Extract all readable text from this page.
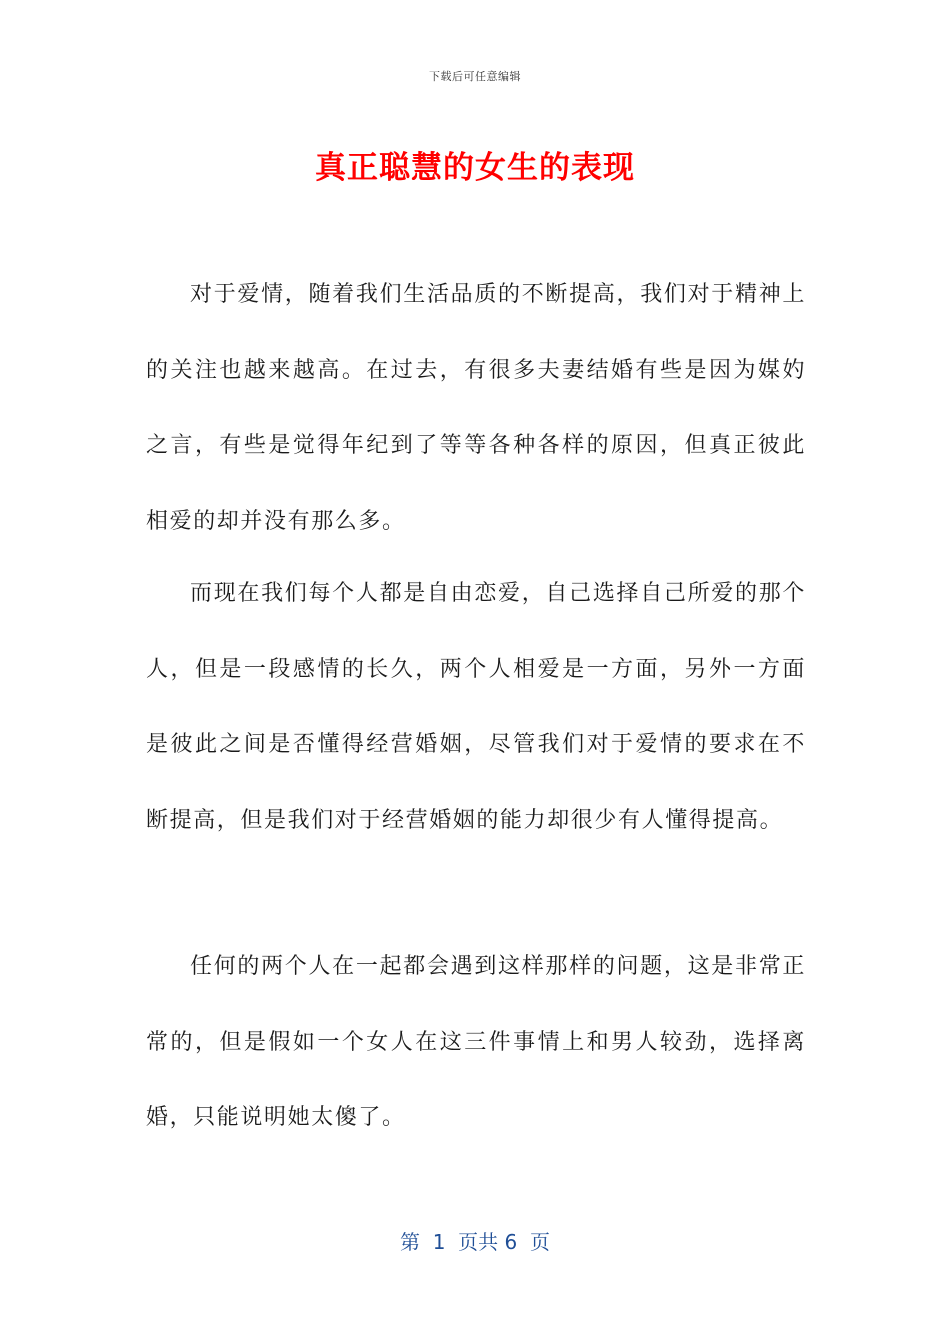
下载后可任意编辑
真正聪慧的女生的表现

对于爱情，随着我们生活品质的不断提高，我们对于精神上的关注也越来越高。在过去，有很多夫妻结婚有些是因为媒妁之言，有些是觉得年纪到了等等各种各样的原因，但真正彼此相爱的却并没有那么多。

而现在我们每个人都是自由恋爱，自己选择自己所爱的那个人，但是一段感情的长久，两个人相爱是一方面，另外一方面是彼此之间是否懂得经营婚姻，尽管我们对于爱情的要求在不断提高，但是我们对于经营婚姻的能力却很少有人懂得提高。

任何的两个人在一起都会遇到这样那样的问题，这是非常正常的，但是假如一个女人在这三件事情上和男人较劲，选择离婚，只能说明她太傻了。

第  1  页共 6  页
